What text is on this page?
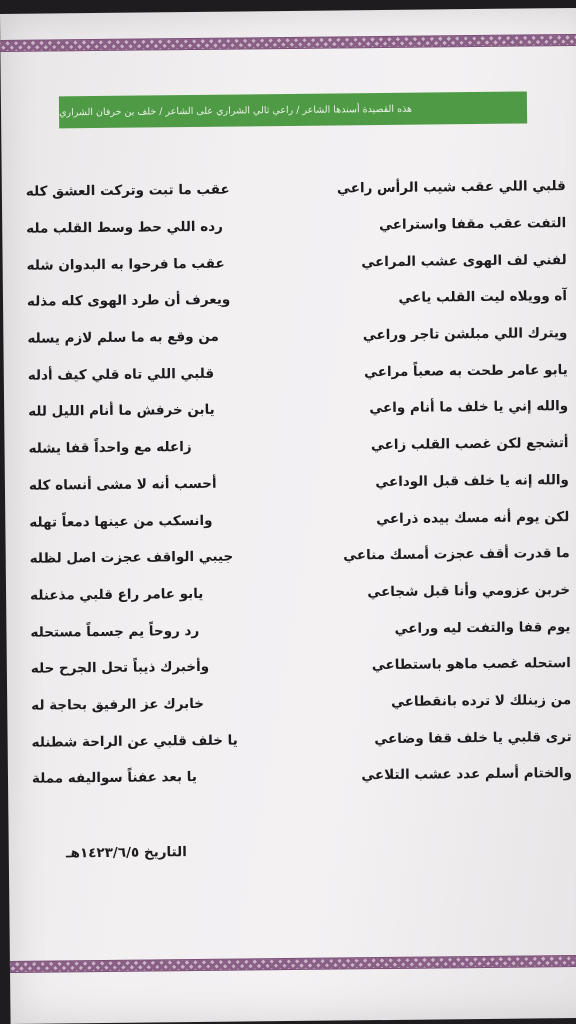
هذه القصيدة أسندها الشاعر / راعي ثالي الشراري على الشاعر / خلف بن خرفان الشراري
قلبي اللي عقب شيب الرأس راعي
عقب ما تبت وتركت العشق كله
التفت عقب مقفا واستراعي
رده اللي حط وسط القلب مله
لفني لف الهوى عشب المراعي
عقب ما فرحوا به البدوان شله
آه وويلاه ليت القلب ياعي
ويعرف أن طرد الهوى كله مذله
ويترك اللي مبلشن تاجر وراعي
من وقع به ما سلم لازم يسله
يابو عامر طحت به صعباً مراعي
قلبي اللي تاه قلي كيف أدله
والله إني يا خلف ما أنام واعي
يابن خرفش ما أنام الليل لله
أتشجع لكن غصب القلب زاعي
زاعله مع واحداً قفا يشله
والله إنه يا خلف قبل الوداعي
أحسب أنه لا مشى أنساه كله
لكن يوم أنه مسك بيده ذراعي
وانسكب من عينها دمعاً تهله
ما قدرت أقف عجزت أمسك مناعي
جيبي الواقف عجزت اصل لظله
خربن عزومي وأنا قبل شجاعي
يابو عامر راع قلبي مذعنله
يوم قفا والتفت ليه وراعي
رد روحاً يم جسماً مستحله
استحله غصب ماهو باستطاعي
وأخبرك ذيباً تحل الجرح حله
من زبنلك لا ترده بانقطاعي
خابرك عز الرفيق بحاجة له
ترى قلبي يا خلف قفا وضاعي
يا خلف قلبي عن الراحة شطنله
والختام أسلم عدد عشب التلاعي
يا بعد عفناً سواليفه مملة
التاريخ ١٤٢٣/٦/٥هـ
